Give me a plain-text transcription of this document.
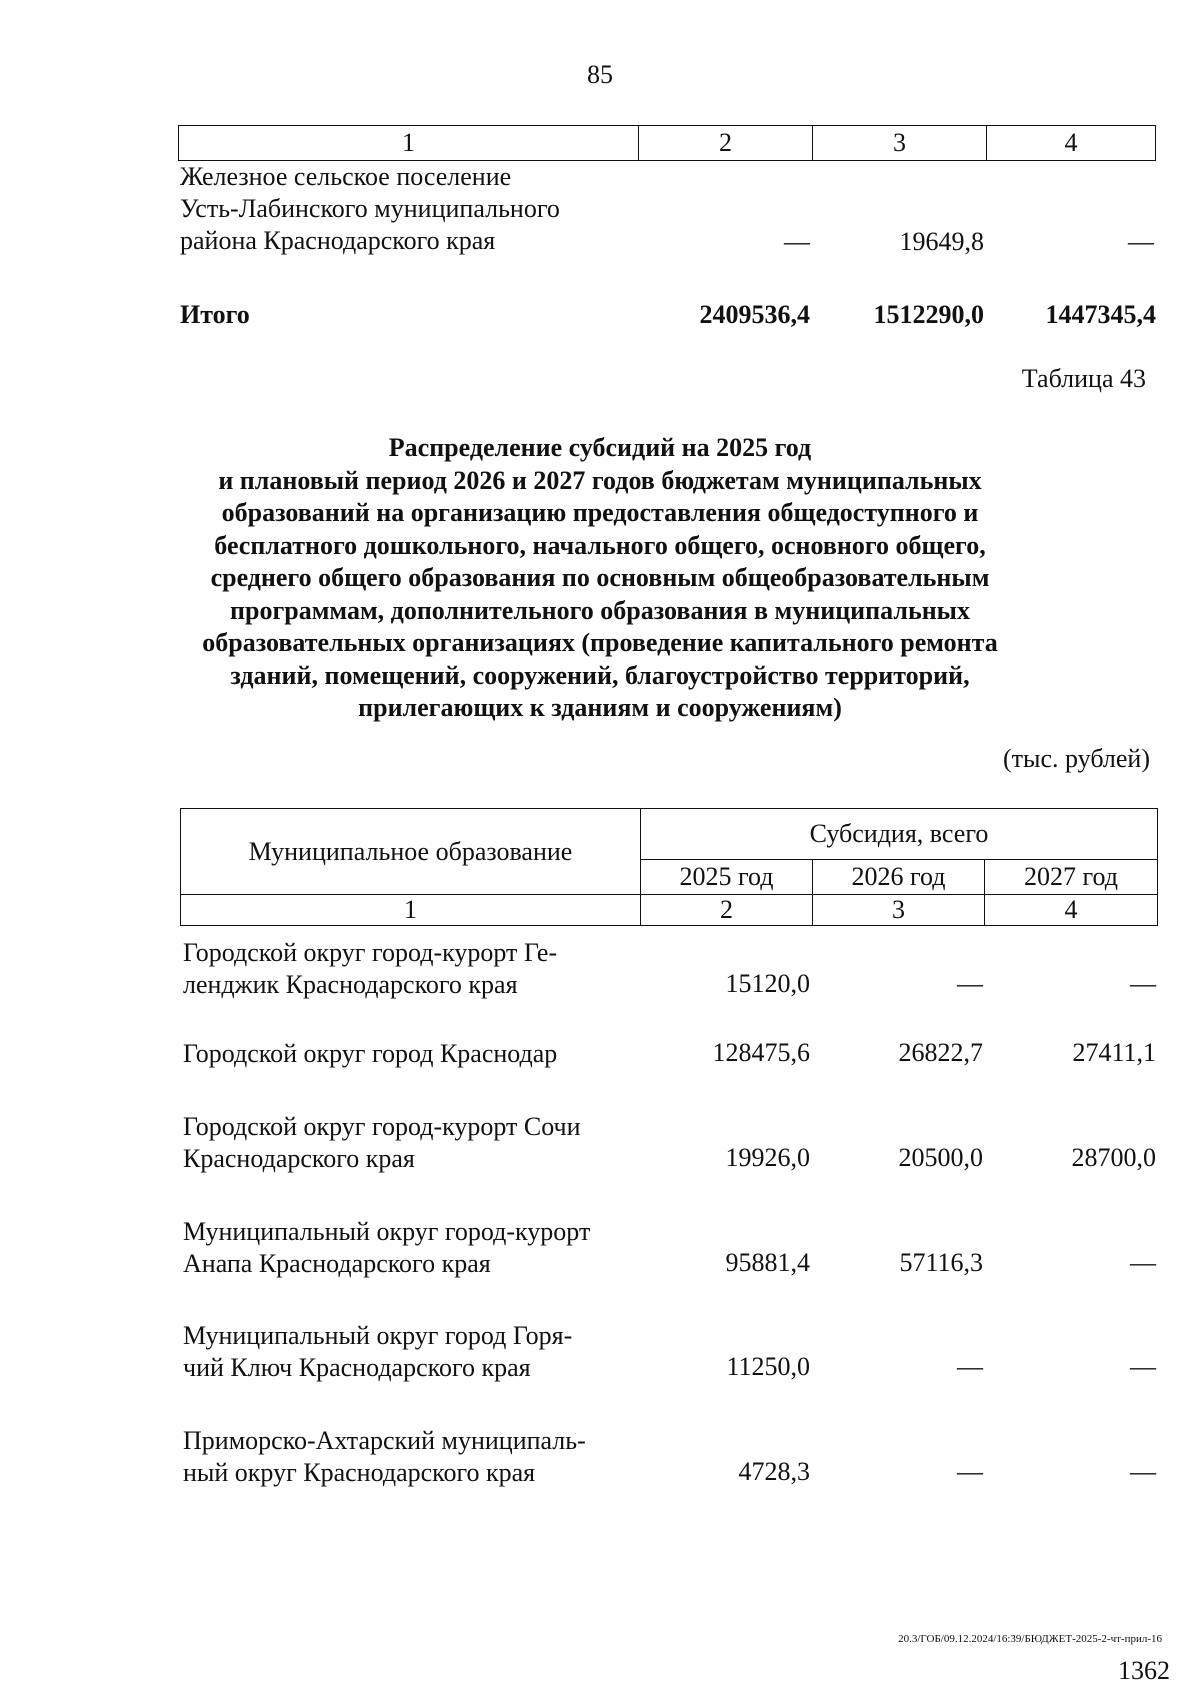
85
1	2	3	4
Железное сельское поселение
Усть-Лабинского муниципального
района Краснодарского края	—	19649,8	—
Итого	2409536,4	1512290,0	1447345,4
Таблица 43
Распределение субсидий на 2025 год
и плановый период 2026 и 2027 годов бюджетам муниципальных
образований на организацию предоставления общедоступного и
бесплатного дошкольного, начального общего, основного общего,
среднего общего образования по основным общеобразовательным
программам, дополнительного образования в муниципальных
образовательных организациях (проведение капитального ремонта
зданий, помещений, сооружений, благоустройство территорий,
прилегающих к зданиям и сооружениям)
(тыс. рублей)
Муниципальное образование	Субсидия, всего		
	2025 год	2026 год	2027 год
1	2	3	4
Городской округ город-курорт Ге-
ленджик Краснодарского края	15120,0	—	—
Городской округ город Краснодар	128475,6	26822,7	27411,1
Городской округ город-курорт Сочи
Краснодарского края	19926,0	20500,0	28700,0
Муниципальный округ город-курорт
Анапа Краснодарского края	95881,4	57116,3	—
Муниципальный округ город Горя-
чий Ключ Краснодарского края	11250,0	—	—
Приморско-Ахтарский муниципаль-
ный округ Краснодарского края	4728,3	—	—
20.3/ГОБ/09.12.2024/16:39/БЮДЖЕТ-2025-2-чт-прил-16
1362
